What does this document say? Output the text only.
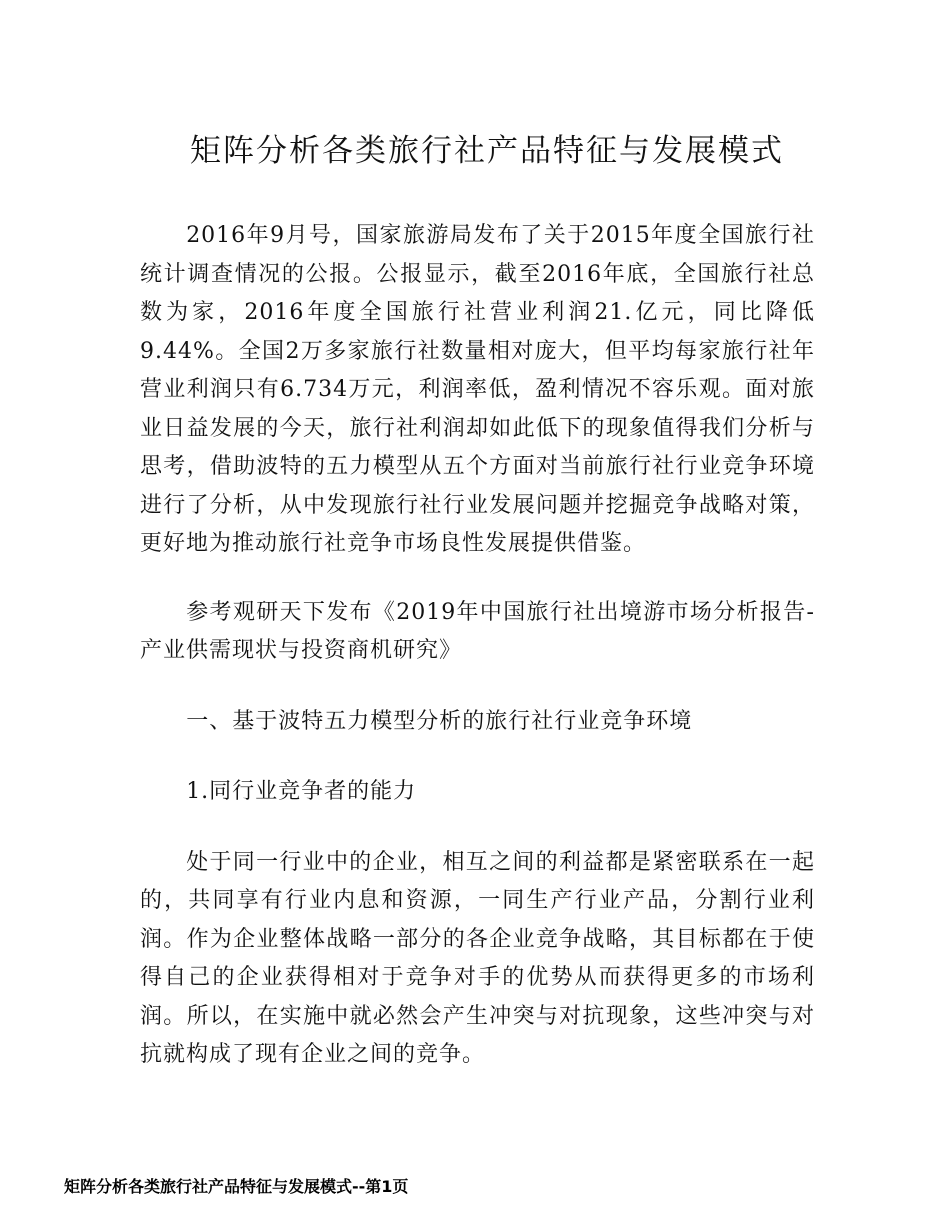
矩阵分析各类旅行社产品特征与发展模式

2016年9月号，国家旅游局发布了关于2015年度全国旅行社统计调查情况的公报。公报显示，截至2016年底，全国旅行社总数为家，2016年度全国旅行社营业利润21.亿元，同比降低9.44%。全国2万多家旅行社数量相对庞大，但平均每家旅行社年营业利润只有6.734万元，利润率低，盈利情况不容乐观。面对旅业日益发展的今天，旅行社利润却如此低下的现象值得我们分析与思考，借助波特的五力模型从五个方面对当前旅行社行业竞争环境进行了分析，从中发现旅行社行业发展问题并挖掘竞争战略对策，更好地为推动旅行社竞争市场良性发展提供借鉴。

参考观研天下发布《2019年中国旅行社出境游市场分析报告-产业供需现状与投资商机研究》

一、基于波特五力模型分析的旅行社行业竞争环境

1.同行业竞争者的能力

处于同一行业中的企业，相互之间的利益都是紧密联系在一起的，共同享有行业内息和资源，一同生产行业产品，分割行业利润。作为企业整体战略一部分的各企业竞争战略，其目标都在于使得自己的企业获得相对于竞争对手的优势从而获得更多的市场利润。所以，在实施中就必然会产生冲突与对抗现象，这些冲突与对抗就构成了现有企业之间的竞争。

矩阵分析各类旅行社产品特征与发展模式--第1页
